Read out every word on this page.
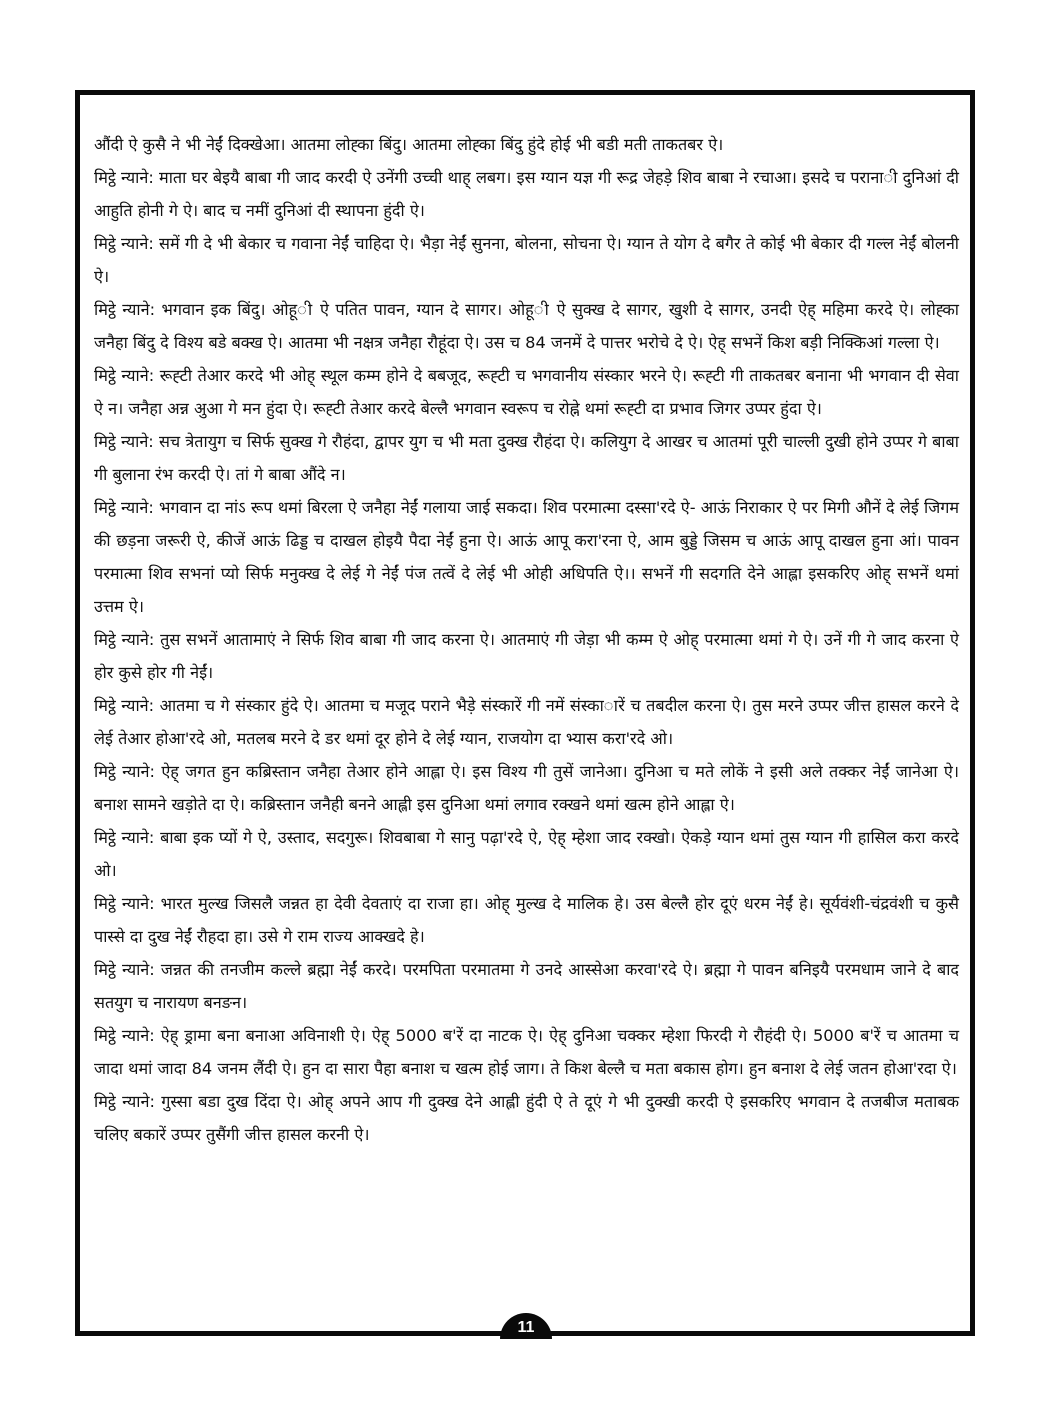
औंदी ऐ कुसै ने भी नेईं दिक्खेआ। आतमा लोह्का बिंदु। आतमा लोह्का बिंदु हुंदे होई भी बडी मती ताकतबर ऐ।

मिट्ठे न्याने: माता घर बेइयै बाबा गी जाद करदी ऐ उनेंगी उच्ची थाह् लबग। इस ग्यान यज्ञ गी रूद्र जेहड़े शिव बाबा ने रचाआ। इसदे च पराना◌ी दुनिआं दी आहुति होनी गे ऐ। बाद च नमीं दुनिआं दी स्थापना हुंदी ऐ।

मिट्ठे न्याने: समें गी दे भी बेकार च गवाना नेईं चाहिदा ऐ। भैड़ा नेईं सुनना, बोलना, सोचना ऐ। ग्यान ते योग दे बगैर ते कोई भी बेकार दी गल्ल नेईं बोलनी ऐ।

मिट्ठे न्याने: भगवान इक बिंदु। ओहू◌ी ऐ पतित पावन, ग्यान दे सागर। ओहू◌ी ऐ सुक्ख दे सागर, खुशी दे सागर, उनदी ऐह् महिमा करदे ऐ। लोह्का जनैहा बिंदु दे विश्य बडे बक्ख ऐ। आतमा भी नक्षत्र जनैहा रौहूंदा ऐ। उस च 84 जनमें दे पात्तर भरोचे दे ऐ। ऐह् सभनें किश बड़ी निक्किआं गल्ला ऐ।

मिट्ठे न्याने: रूह्टी तेआर करदे भी ओह् स्थूल कम्म होने दे बबजूद, रूह्टी च भगवानीय संस्कार भरने ऐ। रूह्टी गी ताकतबर बनाना भी भगवान दी सेवा ऐ न। जनैहा अन्न अुआ गे मन हुंदा ऐ। रूह्टी तेआर करदे बेल्लै भगवान स्वरूप च रोह्ने थमां रूह्टी दा प्रभाव जिगर उप्पर हुंदा ऐ।

मिट्ठे न्याने: सच त्रेतायुग च सिर्फ सुक्ख गे रौहंदा, द्वापर युग च भी मता दुक्ख रौहंदा ऐ। कलियुग दे आखर च आतमां पूरी चाल्ली दुखी होने उप्पर गे बाबा गी बुलाना रंभ करदी ऐ। तां गे बाबा औंदे न।

मिट्ठे न्याने: भगवान दा नांऽ रूप थमां बिरला ऐ जनैहा नेईं गलाया जाई सकदा। शिव परमात्मा दस्सा'रदे ऐ- आऊं निराकार ऐ पर मिगी औनें दे लेई जिगम की छड़ना जरूरी ऐ, कीजें आऊं ढिड्ड च दाखल होइयै पैदा नेईं हुना ऐ। आऊं आपू करा'रना ऐ, आम बुड्डे जिसम च आऊं आपू दाखल हुना आं। पावन परमात्मा शिव सभनां प्यो सिर्फ मनुक्ख दे लेई गे नेईं पंज तत्वें दे लेई भी ओही अधिपति ऐ।। सभनें गी सदगति देने आह्ला इसकरिए ओह् सभनें थमां उत्तम ऐ।

मिट्ठे न्याने: तुस सभनें आतामाएं ने सिर्फ शिव बाबा गी जाद करना ऐ। आतमाएं गी जेड़ा भी कम्म ऐ ओह् परमात्मा थमां गे ऐ। उनें गी गे जाद करना ऐ होर कुसे होर गी नेईं।

मिट्ठे न्याने: आतमा च गे संस्कार हुंदे ऐ। आतमा च मजूद पराने भैड़े संस्कारें गी नमें संस्का◌ारें च तबदील करना ऐ। तुस मरने उप्पर जीत्त हासल करने दे लेई तेआर होआ'रदे ओ, मतलब मरने दे डर थमां दूर होने दे लेई ग्यान, राजयोग दा भ्यास करा'रदे ओ।

मिट्ठे न्याने: ऐह् जगत हुन कब्रिस्तान जनैहा तेआर होने आह्ला ऐ। इस विश्य गी तुसें जानेआ। दुनिआ च मते लोकें ने इसी अले तक्कर नेईं जानेआ ऐ। बनाश सामने खड़ोते दा ऐ। कब्रिस्तान जनैही बनने आह्ली इस दुनिआ थमां लगाव रक्खने थमां खत्म होने आह्ला ऐ।

मिट्ठे न्याने: बाबा इक प्यों गे ऐ, उस्ताद, सदगुरू। शिवबाबा गे सानु पढ़ा'रदे ऐ, ऐह् म्हेशा जाद रक्खो। ऐकड़े ग्यान थमां तुस ग्यान गी हासिल करा करदे ओ।

मिट्ठे न्याने: भारत मुल्ख जिसलै जन्नत हा देवी देवताएं दा राजा हा। ओह् मुल्ख दे मालिक हे। उस बेल्लै होर दूएं धरम नेईं हे। सूर्यवंशी-चंद्रवंशी च कुसै पास्से दा दुख नेईं रौहदा हा। उसे गे राम राज्य आक्खदे हे।

मिट्ठे न्याने: जन्नत की तनजीम कल्ले ब्रह्मा नेईं करदे। परमपिता परमातमा गे उनदे आस्सेआ करवा'रदे ऐ। ब्रह्मा गे पावन बनिइयै परमधाम जाने दे बाद सतयुग च नारायण बनङन।

मिट्ठे न्याने: ऐह् ड्रामा बना बनाआ अविनाशी ऐ। ऐह् 5000 ब'रें दा नाटक ऐ। ऐह् दुनिआ चक्कर म्हेशा फिरदी गे रौहंदी ऐ। 5000 ब'रें च आतमा च जादा थमां जादा 84 जनम लैंदी ऐ। हुन दा सारा पैहा बनाश च खत्म होई जाग। ते किश बेल्लै च मता बकास होग। हुन बनाश दे लेई जतन होआ'रदा ऐ।

मिट्ठे न्याने: गुस्सा बडा दुख दिंदा ऐ। ओह् अपने आप गी दुक्ख देने आह्ली हुंदी ऐ ते दूएं गे भी दुक्खी करदी ऐ इसकरिए भगवान दे तजबीज मताबक चलिए बकारें उप्पर तुसैंगी जीत्त हासल करनी ऐ।

11
